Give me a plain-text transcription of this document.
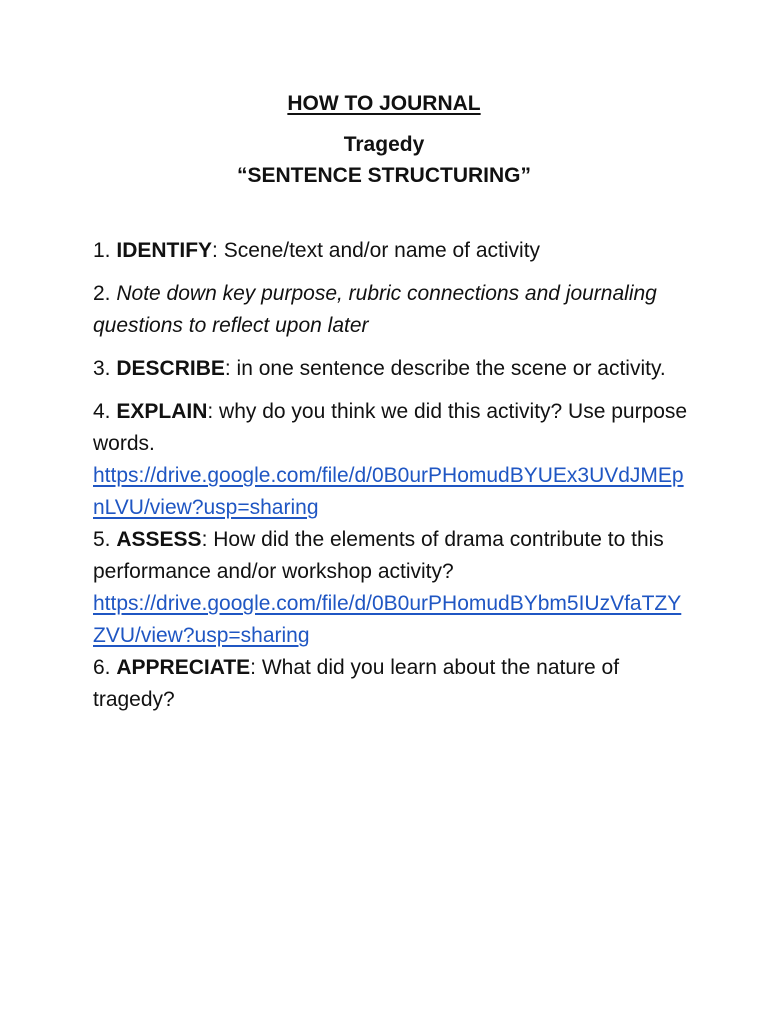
HOW TO JOURNAL
Tragedy
“SENTENCE STRUCTURING”

1. IDENTIFY: Scene/text and/or name of activity

2. Note down key purpose, rubric connections and journaling questions to reflect upon later

3. DESCRIBE: in one sentence describe the scene or activity.

4. EXPLAIN: why do you think we did this activity? Use purpose words.
https://drive.google.com/file/d/0B0urPHomudBYUEx3UVdJMEpnLVU/view?usp=sharing

5. ASSESS: How did the elements of drama contribute to this performance and/or workshop activity?
https://drive.google.com/file/d/0B0urPHomudBYbm5IUzVfaTZYZVU/view?usp=sharing

6. APPRECIATE: What did you learn about the nature of tragedy?
